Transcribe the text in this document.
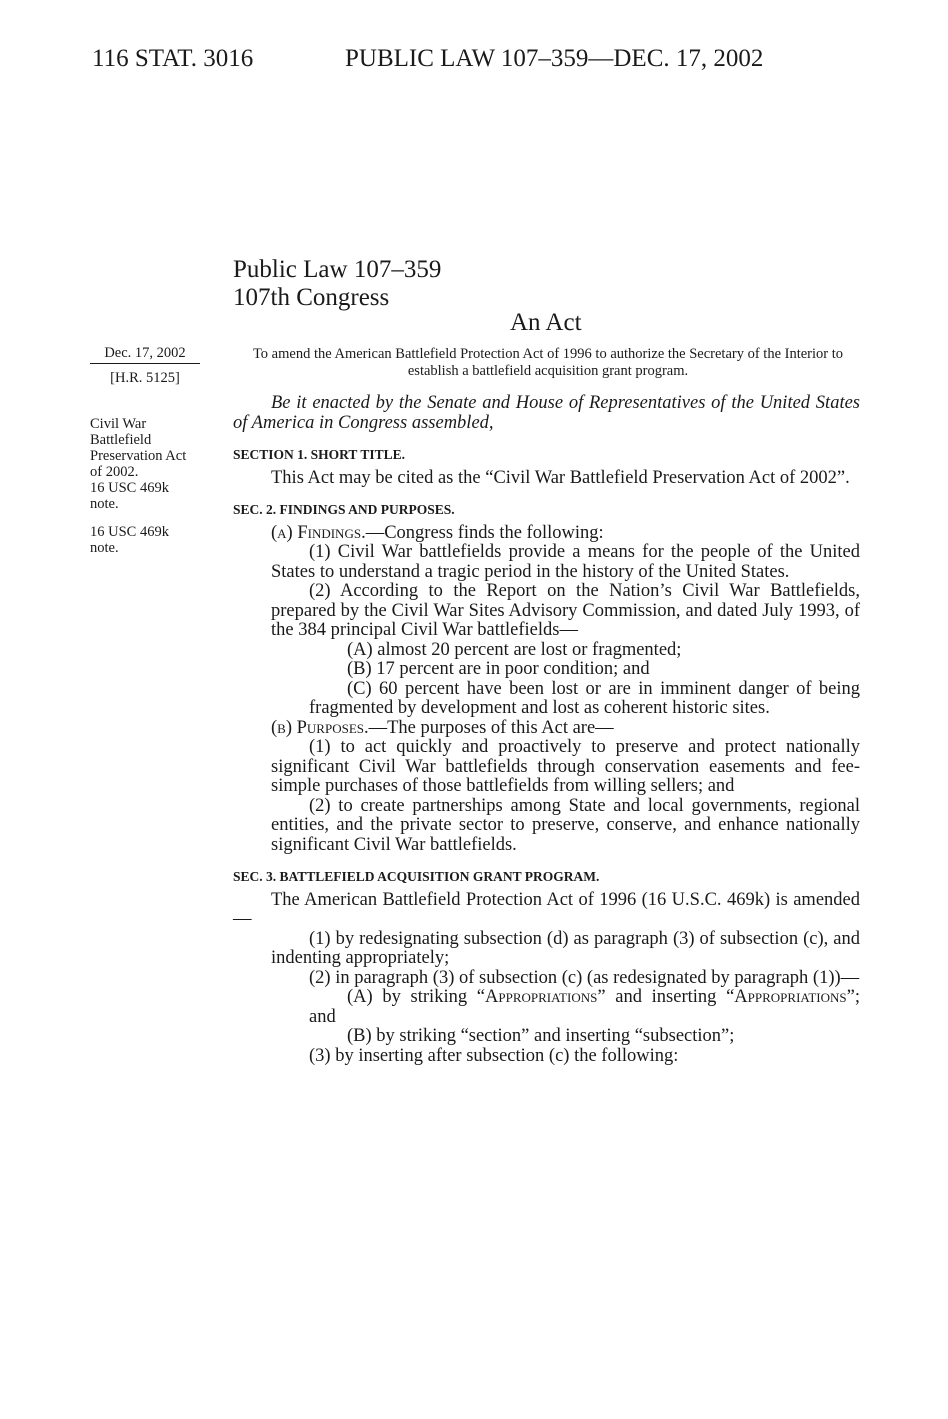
116 STAT. 3016	PUBLIC LAW 107–359—DEC. 17, 2002
Public Law 107–359
107th Congress
An Act
Dec. 17, 2002
[H.R. 5125]
Civil War
Battlefield
Preservation Act
of 2002.
16 USC 469k
note.
16 USC 469k
note.
To amend the American Battlefield Protection Act of 1996 to authorize the Secretary of the Interior to establish a battlefield acquisition grant program.

Be it enacted by the Senate and House of Representatives of the United States of America in Congress assembled,

SECTION 1. SHORT TITLE.

This Act may be cited as the “Civil War Battlefield Preservation Act of 2002”.

SEC. 2. FINDINGS AND PURPOSES.

(a) Findings.—Congress finds the following:

(1) Civil War battlefields provide a means for the people of the United States to understand a tragic period in the history of the United States.

(2) According to the Report on the Nation’s Civil War Battlefields, prepared by the Civil War Sites Advisory Commission, and dated July 1993, of the 384 principal Civil War battlefields—

(A) almost 20 percent are lost or fragmented;

(B) 17 percent are in poor condition; and

(C) 60 percent have been lost or are in imminent danger of being fragmented by development and lost as coherent historic sites.

(b) Purposes.—The purposes of this Act are—

(1) to act quickly and proactively to preserve and protect nationally significant Civil War battlefields through conservation easements and fee-simple purchases of those battlefields from willing sellers; and

(2) to create partnerships among State and local governments, regional entities, and the private sector to preserve, conserve, and enhance nationally significant Civil War battlefields.

SEC. 3. BATTLEFIELD ACQUISITION GRANT PROGRAM.

The American Battlefield Protection Act of 1996 (16 U.S.C. 469k) is amended—

(1) by redesignating subsection (d) as paragraph (3) of subsection (c), and indenting appropriately;

(2) in paragraph (3) of subsection (c) (as redesignated by paragraph (1))—

(A) by striking “Appropriations” and inserting “Appropriations”; and

(B) by striking “section” and inserting “subsection”;

(3) by inserting after subsection (c) the following:
